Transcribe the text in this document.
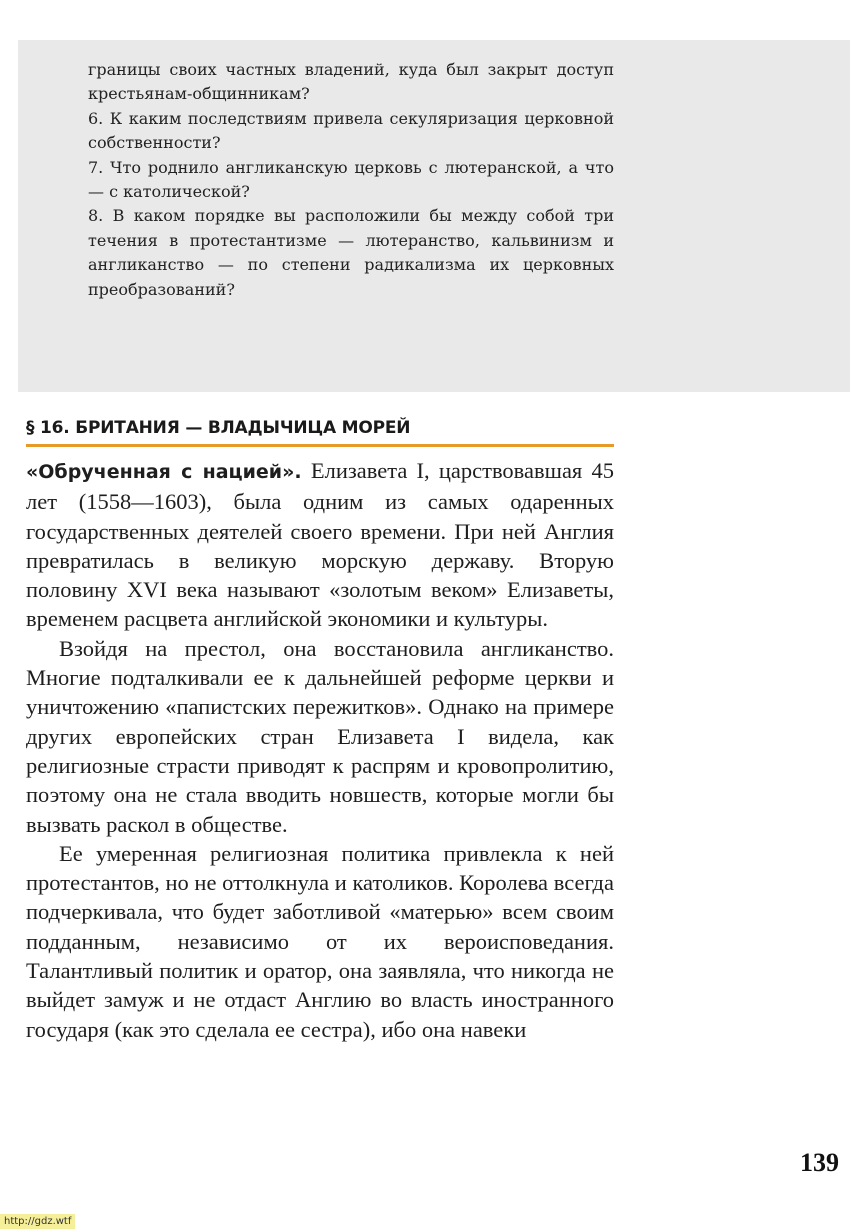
границы своих частных владений, куда был закрыт доступ крестьянам-общинникам?

6. К каким последствиям привела секуляризация церковной собственности?

7. Что роднило англиканскую церковь с лютеранской, а что — с католической?

8. В каком порядке вы расположили бы между собой три течения в протестантизме — лютеранство, кальвинизм и англиканство — по степени радикализма их церковных преобразований?

§ 16. БРИТАНИЯ — ВЛАДЫЧИЦА МОРЕЙ

«Обрученная с нацией». Елизавета I, царствовавшая 45 лет (1558—1603), была одним из самых одаренных государственных деятелей своего времени. При ней Англия превратилась в великую морскую державу. Вторую половину XVI века называют «золотым веком» Елизаветы, временем расцвета английской экономики и культуры.

Взойдя на престол, она восстановила англиканство. Многие подталкивали ее к дальнейшей реформе церкви и уничтожению «папистских пережитков». Однако на примере других европейских стран Елизавета I видела, как религиозные страсти приводят к распрям и кровопролитию, поэтому она не стала вводить новшеств, которые могли бы вызвать раскол в обществе.

Ее умеренная религиозная политика привлекла к ней протестантов, но не оттолкнула и католиков. Королева всегда подчеркивала, что будет заботливой «матерью» всем своим подданным, независимо от их вероисповедания. Талантливый политик и оратор, она заявляла, что никогда не выйдет замуж и не отдаст Англию во власть иностранного государя (как это сделала ее сестра), ибо она навеки

139
http://gdz.wtf
